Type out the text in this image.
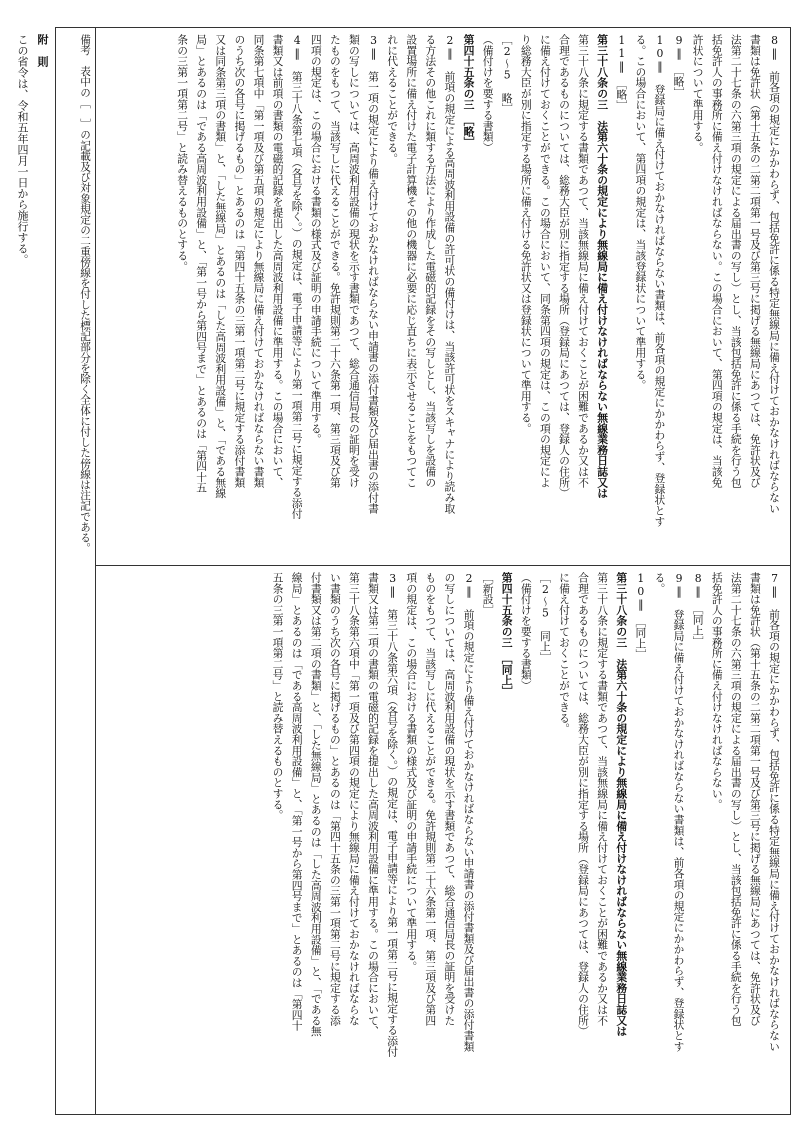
8‖　前各項の規定にかかわらず、包括免許に係る特定無線局に備え付けておかなければならない
書類は免許状（第十五条の二第二項第一号及び第三号に掲げる無線局にあつては、免許状及び
法第二十七条の六第三項の規定による届出書の写し）とし、当該包括免許に係る手続を行う包
括免許人の事務所に備え付けなければならない。この場合において、第四項の規定は、当該免
許状について準用する。
9‖　［略］
10‖　登録局に備え付けておかなければならない書類は、前各項の規定にかかわらず、登録状とす
る。この場合において、第四項の規定は、当該登録状について準用する。
11‖　［略］
第三十八条の三　法第六十条の規定により無線局に備え付けなければならない無線業務日誌又は
第三十八条に規定する書類であつて、当該無線局に備え付けておくことが困難であるか又は不
合理であるものについては、総務大臣が別に指定する場所（登録局にあつては、登録人の住所）
に備え付けておくことができる。この場合において、同条第四項の規定は、この項の規定によ
り総務大臣が別に指定する場所に備え付ける免許状又は登録状について準用する。
［2～5　略］
（備付けを要する書類）
第四十五条の三　［略］
2‖　前項の規定による高周波利用設備の許可状の備付けは、当該許可状をスキャナにより読み取
る方法その他これに類する方法により作成した電磁的記録をその写しとし、当該写しを設備の
設置場所に備え付けた電子計算機その他の機器に必要に応じ直ちに表示させることをもつてこ
れに代えることができる。
3‖　第一項の規定により備え付けておかなければならない申請書の添付書類及び届出書の添付書
類の写しについては、高周波利用設備の現状を示す書類であつて、総合通信局長の証明を受け
たものをもつて、当該写しに代えることができる。免許規則第二十六条第一項、第三項及び第
四項の規定は、この場合における書類の様式及び証明の申請手続について準用する。
4‖　第三十八条第七項（各号を除く。）の規定は、電子申請等により第一項第二号に規定する添付
書類又は前項の書類の電磁的記録を提出した高周波利用設備に準用する。この場合において、
同条第七項中「第一項及び第五項の規定により無線局に備え付けておかなければならない書類
のうち次の各号に掲げるもの」とあるのは「第四十五条の三第一項第二号に規定する添付書類
又は同条第三項の書類」と、「した無線局」とあるのは「した高周波利用設備」と、「である無線
局」とあるのは「である高周波利用設備」と、「第一号から第四号まで」とあるのは「第四十五
条の三第一項第二号」と読み替えるものとする。
7‖　前各項の規定にかかわらず、包括免許に係る特定無線局に備え付けておかなければならない
書類は免許状（第十五条の二第二項第一号及び第三号に掲げる無線局にあつては、免許状及び
法第二十七条の六第三項の規定による届出書の写し）とし、当該包括免許に係る手続を行う包
括免許人の事務所に備え付けなければならない。
8‖　［同上］
9‖　登録局に備え付けておかなければならない書類は、前各項の規定にかかわらず、登録状とす
る。
10‖　［同上］
第三十八条の三　法第六十条の規定により無線局に備え付けなければならない無線業務日誌又は
第三十八条に規定する書類であつて、当該無線局に備え付けておくことが困難であるか又は不
合理であるものについては、総務大臣が別に指定する場所（登録局にあつては、登録人の住所）
に備え付けておくことができる。
［2～5　同上］
（備付けを要する書類）
第四十五条の三　［同上］
［新設］
2‖　前項の規定により備え付けておかなければならない申請書の添付書類及び届出書の添付書類
の写しについては、高周波利用設備の現状を示す書類であつて、総合通信局長の証明を受けた
ものをもつて、当該写しに代えることができる。免許規則第二十六条第一項、第三項及び第四
項の規定は、この場合における書類の様式及び証明の申請手続について準用する。
3‖　第三十八条第六項（各号を除く。）の規定は、電子申請等により第一項第二号に規定する添付
書類又は第二項の書類の電磁的記録を提出した高周波利用設備に準用する。この場合において、
第三十八条第六項中「第一項及び第四項の規定により無線局に備え付けておかなければならな
い書類のうち次の各号に掲げるもの」とあるのは「第四十五条の三第一項第二号に規定する添
付書類又は第二項の書類」と、「した無線局」とあるのは「した高周波利用設備」と、「である無
線局」とあるのは「である高周波利用設備」と、「第一号から第四号まで」とあるのは「第四十
五条の三第一項第二号」と読み替えるものとする。
備考　表中の［　］の記載及び対象規定の二重傍線を付した標記部分を除く全体に付した傍線は注記である。
附　則
この省令は、令和五年四月一日から施行する。
